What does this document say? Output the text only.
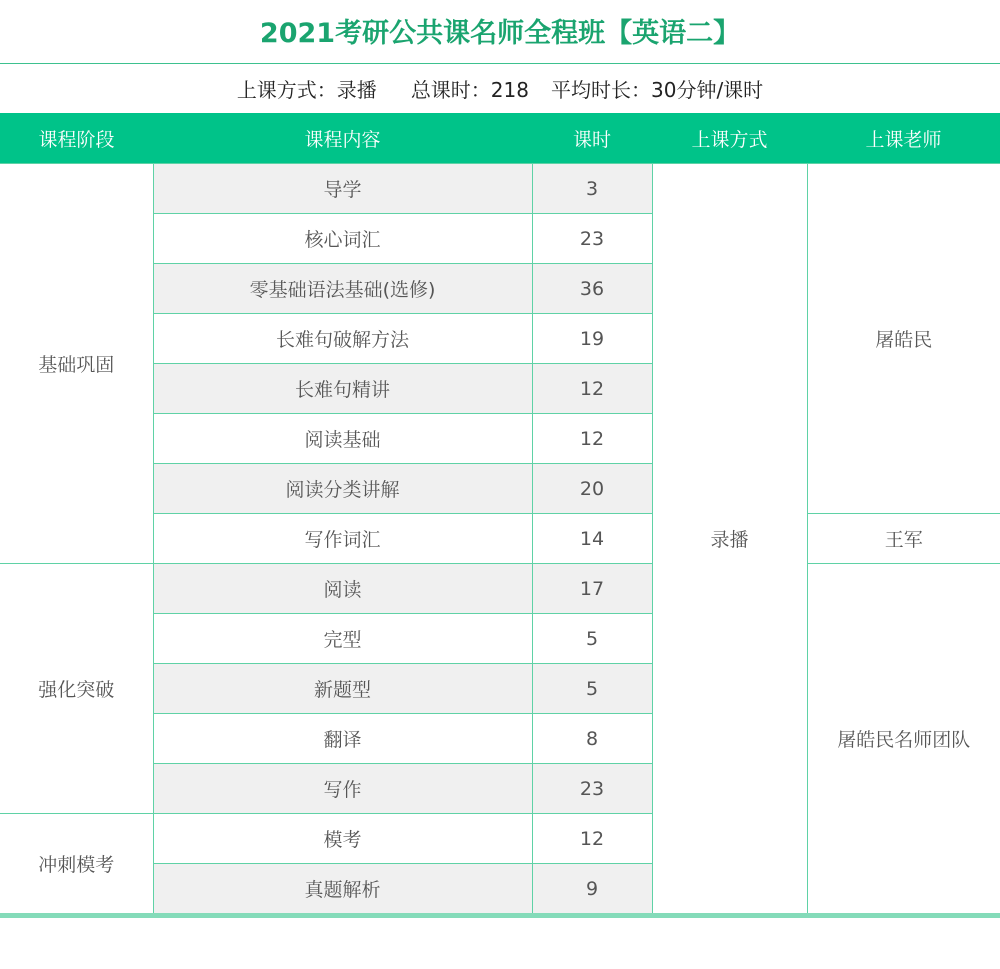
2021考研公共课名师全程班【英语二】
上课方式：录播 总课时：218 平均时长：30分钟/课时
课程阶段	课程内容	课时	上课方式	上课老师
基础巩固	导学	3	录播	屠皓民
	核心词汇	23		
	零基础语法基础(选修)	36		
	长难句破解方法	19		
	长难句精讲	12		
	阅读基础	12		
	阅读分类讲解	20		
	写作词汇	14		王军
强化突破	阅读	17		屠皓民名师团队
	完型	5		
	新题型	5		
	翻译	8		
	写作	23		
冲刺模考	模考	12		
	真题解析	9		
